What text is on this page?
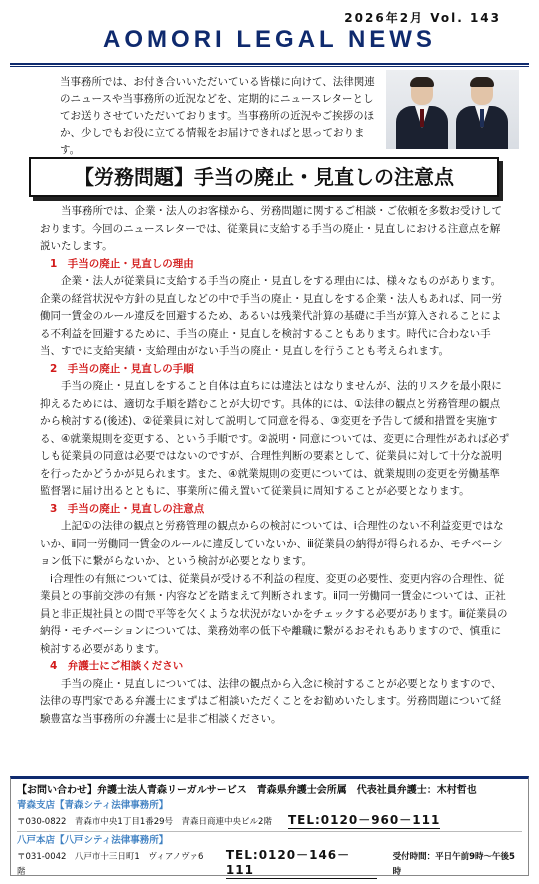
2026年2月 Vol. 143
AOMORI LEGAL NEWS
当事務所では、お付き合いいただいている皆様に向けて、法律関連のニュースや当事務所の近況などを、定期的にニュースレターとしてお送りさせていただいております。当事務所の近況やご挨拶のほか、少しでもお役に立てる情報をお届けできればと思っております。
【労務問題】手当の廃止・見直しの注意点

当事務所では、企業・法人のお客様から、労務問題に関するご相談・ご依頼を多数お受けしております。今回のニュースレターでは、従業員に支給する手当の廃止・見直しにおける注意点を解説いたします。

1　手当の廃止・見直しの理由

企業・法人が従業員に支給する手当の廃止・見直しをする理由には、様々なものがあります。企業の経営状況や方針の見直しなどの中で手当の廃止・見直しをする企業・法人もあれば、同一労働同一賃金のルール違反を回避するため、あるいは残業代計算の基礎に手当が算入されることによる不利益を回避するために、手当の廃止・見直しを検討することもあります。時代に合わない手当、すでに支給実績・支給理由がない手当の廃止・見直しを行うことも考えられます。

2　手当の廃止・見直しの手順

手当の廃止・見直しをすること自体は直ちには違法とはなりませんが、法的リスクを最小限に抑えるためには、適切な手順を踏むことが大切です。具体的には、①法律の観点と労務管理の観点から検討する(後述)、②従業員に対して説明して同意を得る、③変更を予告して緩和措置を実施する、④就業規則を変更する、という手順です。②説明・同意については、変更に合理性があれば必ずしも従業員の同意は必要ではないのですが、合理性判断の要素として、従業員に対して十分な説明を行ったかどうかが見られます。また、④就業規則の変更については、就業規則の変更を労働基準監督署に届け出るとともに、事業所に備え置いて従業員に周知することが必要となります。

3　手当の廃止・見直しの注意点

上記①の法律の観点と労務管理の観点からの検討については、ⅰ合理性のない不利益変更ではないか、ⅱ同一労働同一賃金のルールに違反していないか、ⅲ従業員の納得が得られるか、モチベーション低下に繋がらないか、という検討が必要となります。

ⅰ合理性の有無については、従業員が受ける不利益の程度、変更の必要性、変更内容の合理性、従業員との事前交渉の有無・内容などを踏まえて判断されます。ⅱ同一労働同一賃金については、正社員と非正規社員との間で平等を欠くような状況がないかをチェックする必要があります。ⅲ従業員の納得・モチベーションについては、業務効率の低下や離職に繋がるおそれもありますので、慎重に検討する必要があります。

4　弁護士にご相談ください

手当の廃止・見直しについては、法律の観点から入念に検討することが必要となりますので、法律の専門家である弁護士にまずはご相談いただくことをお勧めいたします。労務問題について経験豊富な当事務所の弁護士に是非ご相談ください。

【お問い合わせ】弁護士法人青森リーガルサービス　青森県弁護士会所属　代表社員弁護士：木村哲也
青森支店【青森シティ法律事務所】
〒030-0822　青森市中央1丁目1番29号　青森日商連中央ビル2階 TEL:0120－960－111
八戸本店【八戸シティ法律事務所】
〒031-0042　八戸市十三日町1　ヴィアノヴァ6階
TEL:0120－146－111
受付時間：平日午前9時～午後5時
